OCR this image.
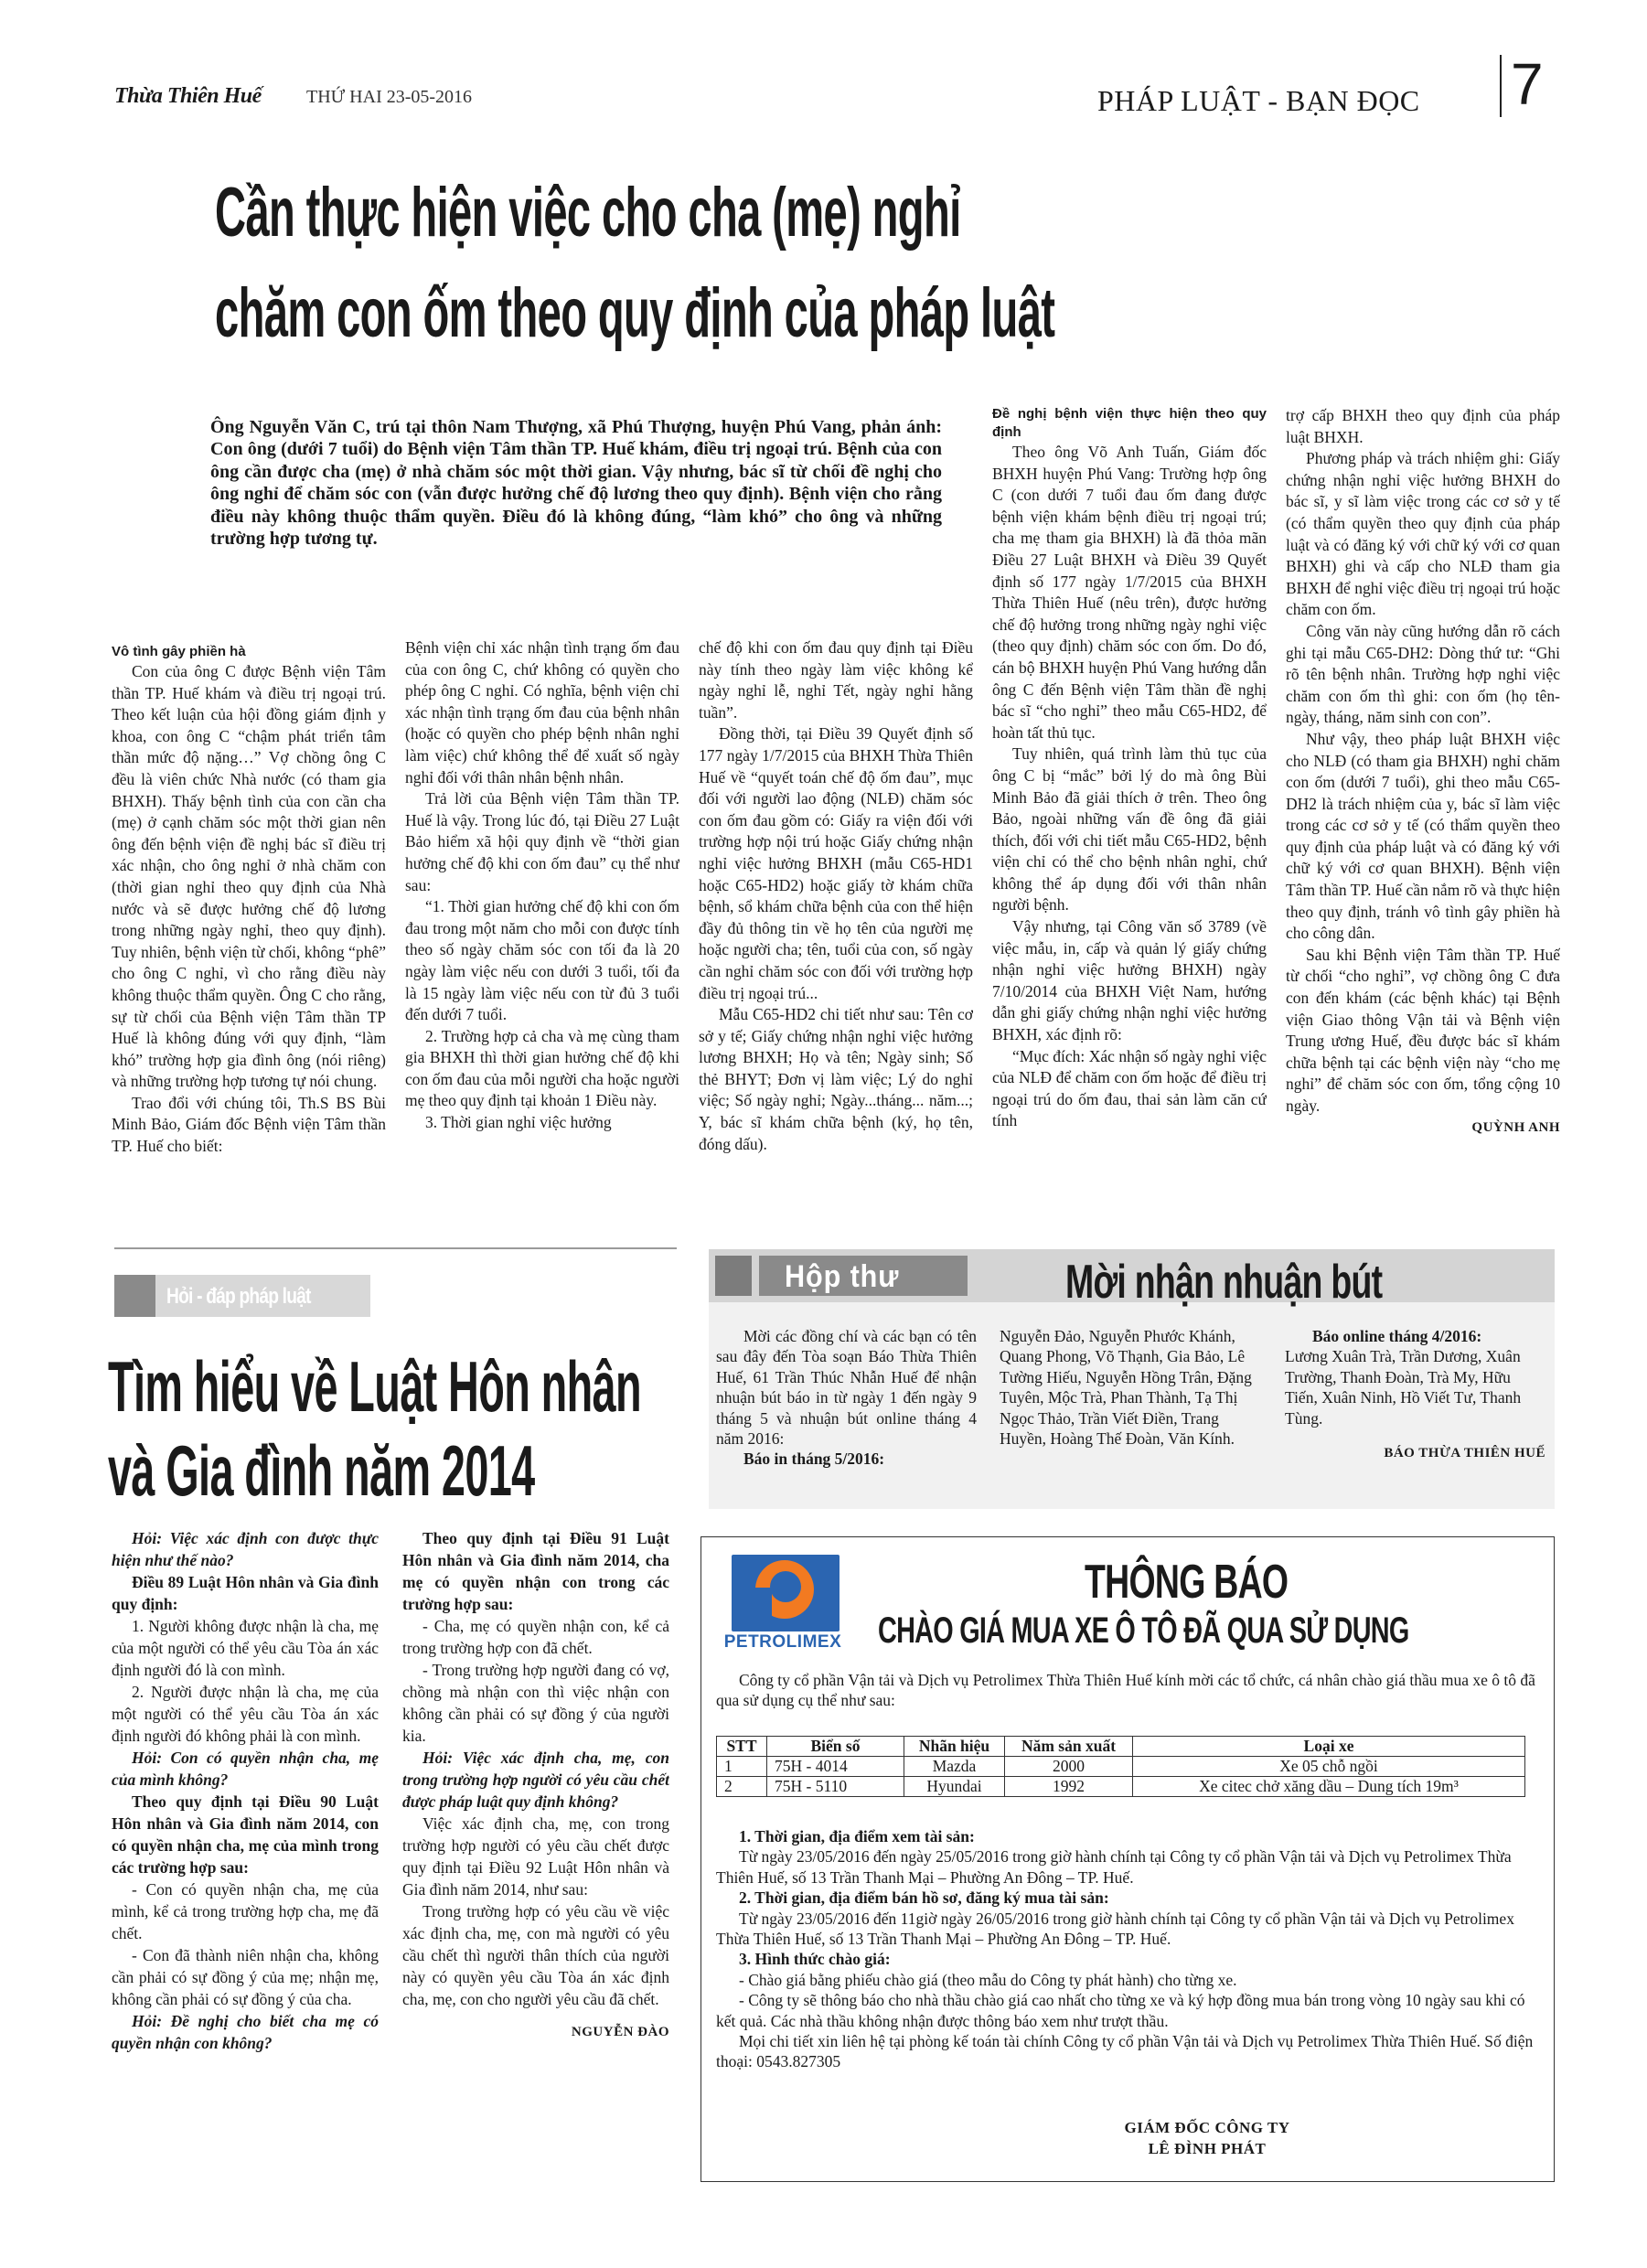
Thừa Thiên Huế THỨ HAI 23-05-2016	PHÁP LUẬT - BẠN ĐỌC 7
Cần thực hiện việc cho cha (mẹ) nghỉ
chăm con ốm theo quy định của pháp luật
Ông Nguyễn Văn C, trú tại thôn Nam Thượng, xã Phú Thượng, huyện Phú Vang, phản ánh: Con ông (dưới 7 tuổi) do Bệnh viện Tâm thần TP. Huế khám, điều trị ngoại trú. Bệnh của con ông cần được cha (mẹ) ở nhà chăm sóc một thời gian. Vậy nhưng, bác sĩ từ chối đề nghị cho ông nghỉ để chăm sóc con (vẫn được hưởng chế độ lương theo quy định). Bệnh viện cho rằng điều này không thuộc thẩm quyền. Điều đó là không đúng, “làm khó” cho ông và những trường hợp tương tự.

Vô tình gây phiền hà

Con của ông C được Bệnh viện Tâm thần TP. Huế khám và điều trị ngoại trú. Theo kết luận của hội đồng giám định y khoa, con ông C “chậm phát triển tâm thần mức độ nặng…” Vợ chồng ông C đều là viên chức Nhà nước (có tham gia BHXH). Thấy bệnh tình của con cần cha (mẹ) ở cạnh chăm sóc một thời gian nên ông đến bệnh viện đề nghị bác sĩ điều trị xác nhận, cho ông nghỉ ở nhà chăm con (thời gian nghỉ theo quy định của Nhà nước và sẽ được hưởng chế độ lương trong những ngày nghỉ, theo quy định). Tuy nhiên, bệnh viện từ chối, không “phê” cho ông C nghỉ, vì cho rằng điều này không thuộc thẩm quyền. Ông C cho rằng, sự từ chối của Bệnh viện Tâm thần TP Huế là không đúng với quy định, “làm khó” trường hợp gia đình ông (nói riêng) và những trường hợp tương tự nói chung.

Trao đổi với chúng tôi, Th.S BS Bùi Minh Bảo, Giám đốc Bệnh viện Tâm thần TP. Huế cho biết:

Bệnh viện chỉ xác nhận tình trạng ốm đau của con ông C, chứ không có quyền cho phép ông C nghỉ. Có nghĩa, bệnh viện chỉ xác nhận tình trạng ốm đau của bệnh nhân (hoặc có quyền cho phép bệnh nhân nghỉ làm việc) chứ không thể để xuất số ngày nghỉ đối với thân nhân bệnh nhân.

Trả lời của Bệnh viện Tâm thần TP. Huế là vậy. Trong lúc đó, tại Điều 27 Luật Bảo hiểm xã hội quy định về “thời gian hưởng chế độ khi con ốm đau” cụ thể như sau:

“1. Thời gian hưởng chế độ khi con ốm đau trong một năm cho mỗi con được tính theo số ngày chăm sóc con tối đa là 20 ngày làm việc nếu con dưới 3 tuổi, tối đa là 15 ngày làm việc nếu con từ đủ 3 tuổi đến dưới 7 tuổi.

2. Trường hợp cả cha và mẹ cùng tham gia BHXH thì thời gian hưởng chế độ khi con ốm đau của mỗi người cha hoặc người mẹ theo quy định tại khoản 1 Điều này.

3. Thời gian nghỉ việc hưởng

chế độ khi con ốm đau quy định tại Điều này tính theo ngày làm việc không kể ngày nghỉ lễ, nghỉ Tết, ngày nghỉ hằng tuần”.

Đồng thời, tại Điều 39 Quyết định số 177 ngày 1/7/2015 của BHXH Thừa Thiên Huế về “quyết toán chế độ ốm đau”, mục đối với người lao động (NLĐ) chăm sóc con ốm đau gồm có: Giấy ra viện đối với trường hợp nội trú hoặc Giấy chứng nhận nghỉ việc hưởng BHXH (mẫu C65-HD1 hoặc C65-HD2) hoặc giấy tờ khám chữa bệnh, sổ khám chữa bệnh của con thể hiện đầy đủ thông tin về họ tên của người mẹ hoặc người cha; tên, tuổi của con, số ngày cần nghỉ chăm sóc con đối với trường hợp điều trị ngoại trú...

Mẫu C65-HD2 chi tiết như sau: Tên cơ sở y tế; Giấy chứng nhận nghỉ việc hưởng lương BHXH; Họ và tên; Ngày sinh; Số thẻ BHYT; Đơn vị làm việc; Lý do nghỉ việc; Số ngày nghỉ; Ngày...tháng... năm...; Y, bác sĩ khám chữa bệnh (ký, họ tên, đóng dấu).

Đề nghị bệnh viện thực hiện theo quy định

Theo ông Võ Anh Tuấn, Giám đốc BHXH huyện Phú Vang: Trường hợp ông C (con dưới 7 tuổi đau ốm đang được bệnh viện khám bệnh điều trị ngoại trú; cha mẹ tham gia BHXH) là đã thỏa mãn Điều 27 Luật BHXH và Điều 39 Quyết định số 177 ngày 1/7/2015 của BHXH Thừa Thiên Huế (nêu trên), được hưởng chế độ hưởng trong những ngày nghỉ việc (theo quy định) chăm sóc con ốm. Do đó, cán bộ BHXH huyện Phú Vang hướng dẫn ông C đến Bệnh viện Tâm thần đề nghị bác sĩ “cho nghỉ” theo mẫu C65-HD2, để hoàn tất thủ tục.

Tuy nhiên, quá trình làm thủ tục của ông C bị “mắc” bởi lý do mà ông Bùi Minh Bảo đã giải thích ở trên. Theo ông Bảo, ngoài những vấn đề ông đã giải thích, đối với chi tiết mẫu C65-HD2, bệnh viện chỉ có thể cho bệnh nhân nghỉ, chứ không thể áp dụng đối với thân nhân người bệnh.

Vậy nhưng, tại Công văn số 3789 (về việc mẫu, in, cấp và quản lý giấy chứng nhận nghỉ việc hưởng BHXH) ngày 7/10/2014 của BHXH Việt Nam, hướng dẫn ghi giấy chứng nhận nghỉ việc hưởng BHXH, xác định rõ:

“Mục đích: Xác nhận số ngày nghỉ việc của NLĐ để chăm con ốm hoặc để điều trị ngoại trú do ốm đau, thai sản làm căn cứ tính

trợ cấp BHXH theo quy định của pháp luật BHXH.

Phương pháp và trách nhiệm ghi: Giấy chứng nhận nghỉ việc hưởng BHXH do bác sĩ, y sĩ làm việc trong các cơ sở y tế (có thẩm quyền theo quy định của pháp luật và có đăng ký với chữ ký với cơ quan BHXH) ghi và cấp cho NLĐ tham gia BHXH để nghỉ việc điều trị ngoại trú hoặc chăm con ốm.

Công văn này cũng hướng dẫn rõ cách ghi tại mẫu C65-DH2: Dòng thứ tư: “Ghi rõ tên bệnh nhân. Trường hợp nghỉ việc chăm con ốm thì ghi: con ốm (họ tên- ngày, tháng, năm sinh con con”.

Như vậy, theo pháp luật BHXH việc cho NLĐ (có tham gia BHXH) nghỉ chăm con ốm (dưới 7 tuổi), ghi theo mẫu C65-DH2 là trách nhiệm của y, bác sĩ làm việc trong các cơ sở y tế (có thẩm quyền theo quy định của pháp luật và có đăng ký với chữ ký với cơ quan BHXH). Bệnh viện Tâm thần TP. Huế cần nắm rõ và thực hiện theo quy định, tránh vô tình gây phiền hà cho công dân.

Sau khi Bệnh viện Tâm thần TP. Huế từ chối “cho nghỉ”, vợ chồng ông C đưa con đến khám (các bệnh khác) tại Bệnh viện Giao thông Vận tải và Bệnh viện Trung ương Huế, đều được bác sĩ khám chữa bệnh tại các bệnh viện này “cho mẹ nghỉ” để chăm sóc con ốm, tổng cộng 10 ngày.

QUỲNH ANH

Hỏi - đáp pháp luật
Tìm hiểu về Luật Hôn nhân
và Gia đình năm 2014

Hỏi: Việc xác định con được thực hiện như thế nào?

Điều 89 Luật Hôn nhân và Gia đình quy định:

1. Người không được nhận là cha, mẹ của một người có thể yêu cầu Tòa án xác định người đó là con mình.

2. Người được nhận là cha, mẹ của một người có thể yêu cầu Tòa án xác định người đó không phải là con mình.

Hỏi: Con có quyền nhận cha, mẹ của mình không?

Theo quy định tại Điều 90 Luật Hôn nhân và Gia đình năm 2014, con có quyền nhận cha, mẹ của mình trong các trường hợp sau:

- Con có quyền nhận cha, mẹ của mình, kể cả trong trường hợp cha, mẹ đã chết.

- Con đã thành niên nhận cha, không cần phải có sự đồng ý của mẹ; nhận mẹ, không cần phải có sự đồng ý của cha.

Hỏi: Đề nghị cho biết cha mẹ có quyền nhận con không?

Theo quy định tại Điều 91 Luật Hôn nhân và Gia đình năm 2014, cha mẹ có quyền nhận con trong các trường hợp sau:

- Cha, mẹ có quyền nhận con, kể cả trong trường hợp con đã chết.

- Trong trường hợp người đang có vợ, chồng mà nhận con thì việc nhận con không cần phải có sự đồng ý của người kia.

Hỏi: Việc xác định cha, mẹ, con trong trường hợp người có yêu cầu chết được pháp luật quy định không?

Việc xác định cha, mẹ, con trong trường hợp người có yêu cầu chết được quy định tại Điều 92 Luật Hôn nhân và Gia đình năm 2014, như sau:

Trong trường hợp có yêu cầu về việc xác định cha, mẹ, con mà người có yêu cầu chết thì người thân thích của người này có quyền yêu cầu Tòa án xác định cha, mẹ, con cho người yêu cầu đã chết.

NGUYỄN ĐÀO

Hộp thư	Mời nhận nhuận bút

Mời các đồng chí và các bạn có tên sau đây đến Tòa soạn Báo Thừa Thiên Huế, 61 Trần Thúc Nhẫn Huế để nhận nhuận bút báo in từ ngày 1 đến ngày 9 tháng 5 và nhuận bút online tháng 4 năm 2016:

Báo in tháng 5/2016:

Nguyễn Đảo, Nguyễn Phước Khánh, Quang Phong, Võ Thạnh, Gia Bảo, Lê Tường Hiếu, Nguyễn Hồng Trân, Đặng Tuyên, Mộc Trà, Phan Thành, Tạ Thị Ngọc Thảo, Trần Viết Điền, Trang Huyền, Hoàng Thế Đoàn, Văn Kính.

Báo online tháng 4/2016:

Lương Xuân Trà, Trần Dương, Xuân Trường, Thanh Đoàn, Trà My, Hữu Tiến, Xuân Ninh, Hồ Viết Tư, Thanh Tùng.

BÁO THỪA THIÊN HUẾ

PETROLIMEX
THÔNG BÁO
CHÀO GIÁ MUA XE Ô TÔ ĐÃ QUA SỬ DỤNG
Công ty cổ phần Vận tải và Dịch vụ Petrolimex Thừa Thiên Huế kính mời các tổ chức, cá nhân chào giá thầu mua xe ô tô đã qua sử dụng cụ thể như sau:
STT	Biển số	Nhãn hiệu	Năm sản xuất	Loại xe
1	75H - 4014	Mazda	2000	Xe 05 chỗ ngồi
2	75H - 5110	Hyundai	1992	Xe citec chở xăng dầu – Dung tích 19m³

1. Thời gian, địa điểm xem tài sản:

Từ ngày 23/05/2016 đến ngày 25/05/2016 trong giờ hành chính tại Công ty cổ phần Vận tải và Dịch vụ Petrolimex Thừa Thiên Huế, số 13 Trần Thanh Mại – Phường An Đông – TP. Huế.

2. Thời gian, địa điểm bán hồ sơ, đăng ký mua tài sản:

Từ ngày 23/05/2016 đến 11giờ ngày 26/05/2016 trong giờ hành chính tại Công ty cổ phần Vận tải và Dịch vụ Petrolimex Thừa Thiên Huế, số 13 Trần Thanh Mại – Phường An Đông – TP. Huế.

3. Hình thức chào giá:

- Chào giá bằng phiếu chào giá (theo mẫu do Công ty phát hành) cho từng xe.

- Công ty sẽ thông báo cho nhà thầu chào giá cao nhất cho từng xe và ký hợp đồng mua bán trong vòng 10 ngày sau khi có kết quả. Các nhà thầu không nhận được thông báo xem như trượt thầu.

Mọi chi tiết xin liên hệ tại phòng kế toán tài chính Công ty cổ phần Vận tải và Dịch vụ Petrolimex Thừa Thiên Huế. Số điện thoại: 0543.827305

GIÁM ĐỐC CÔNG TY
LÊ ĐÌNH PHÁT
